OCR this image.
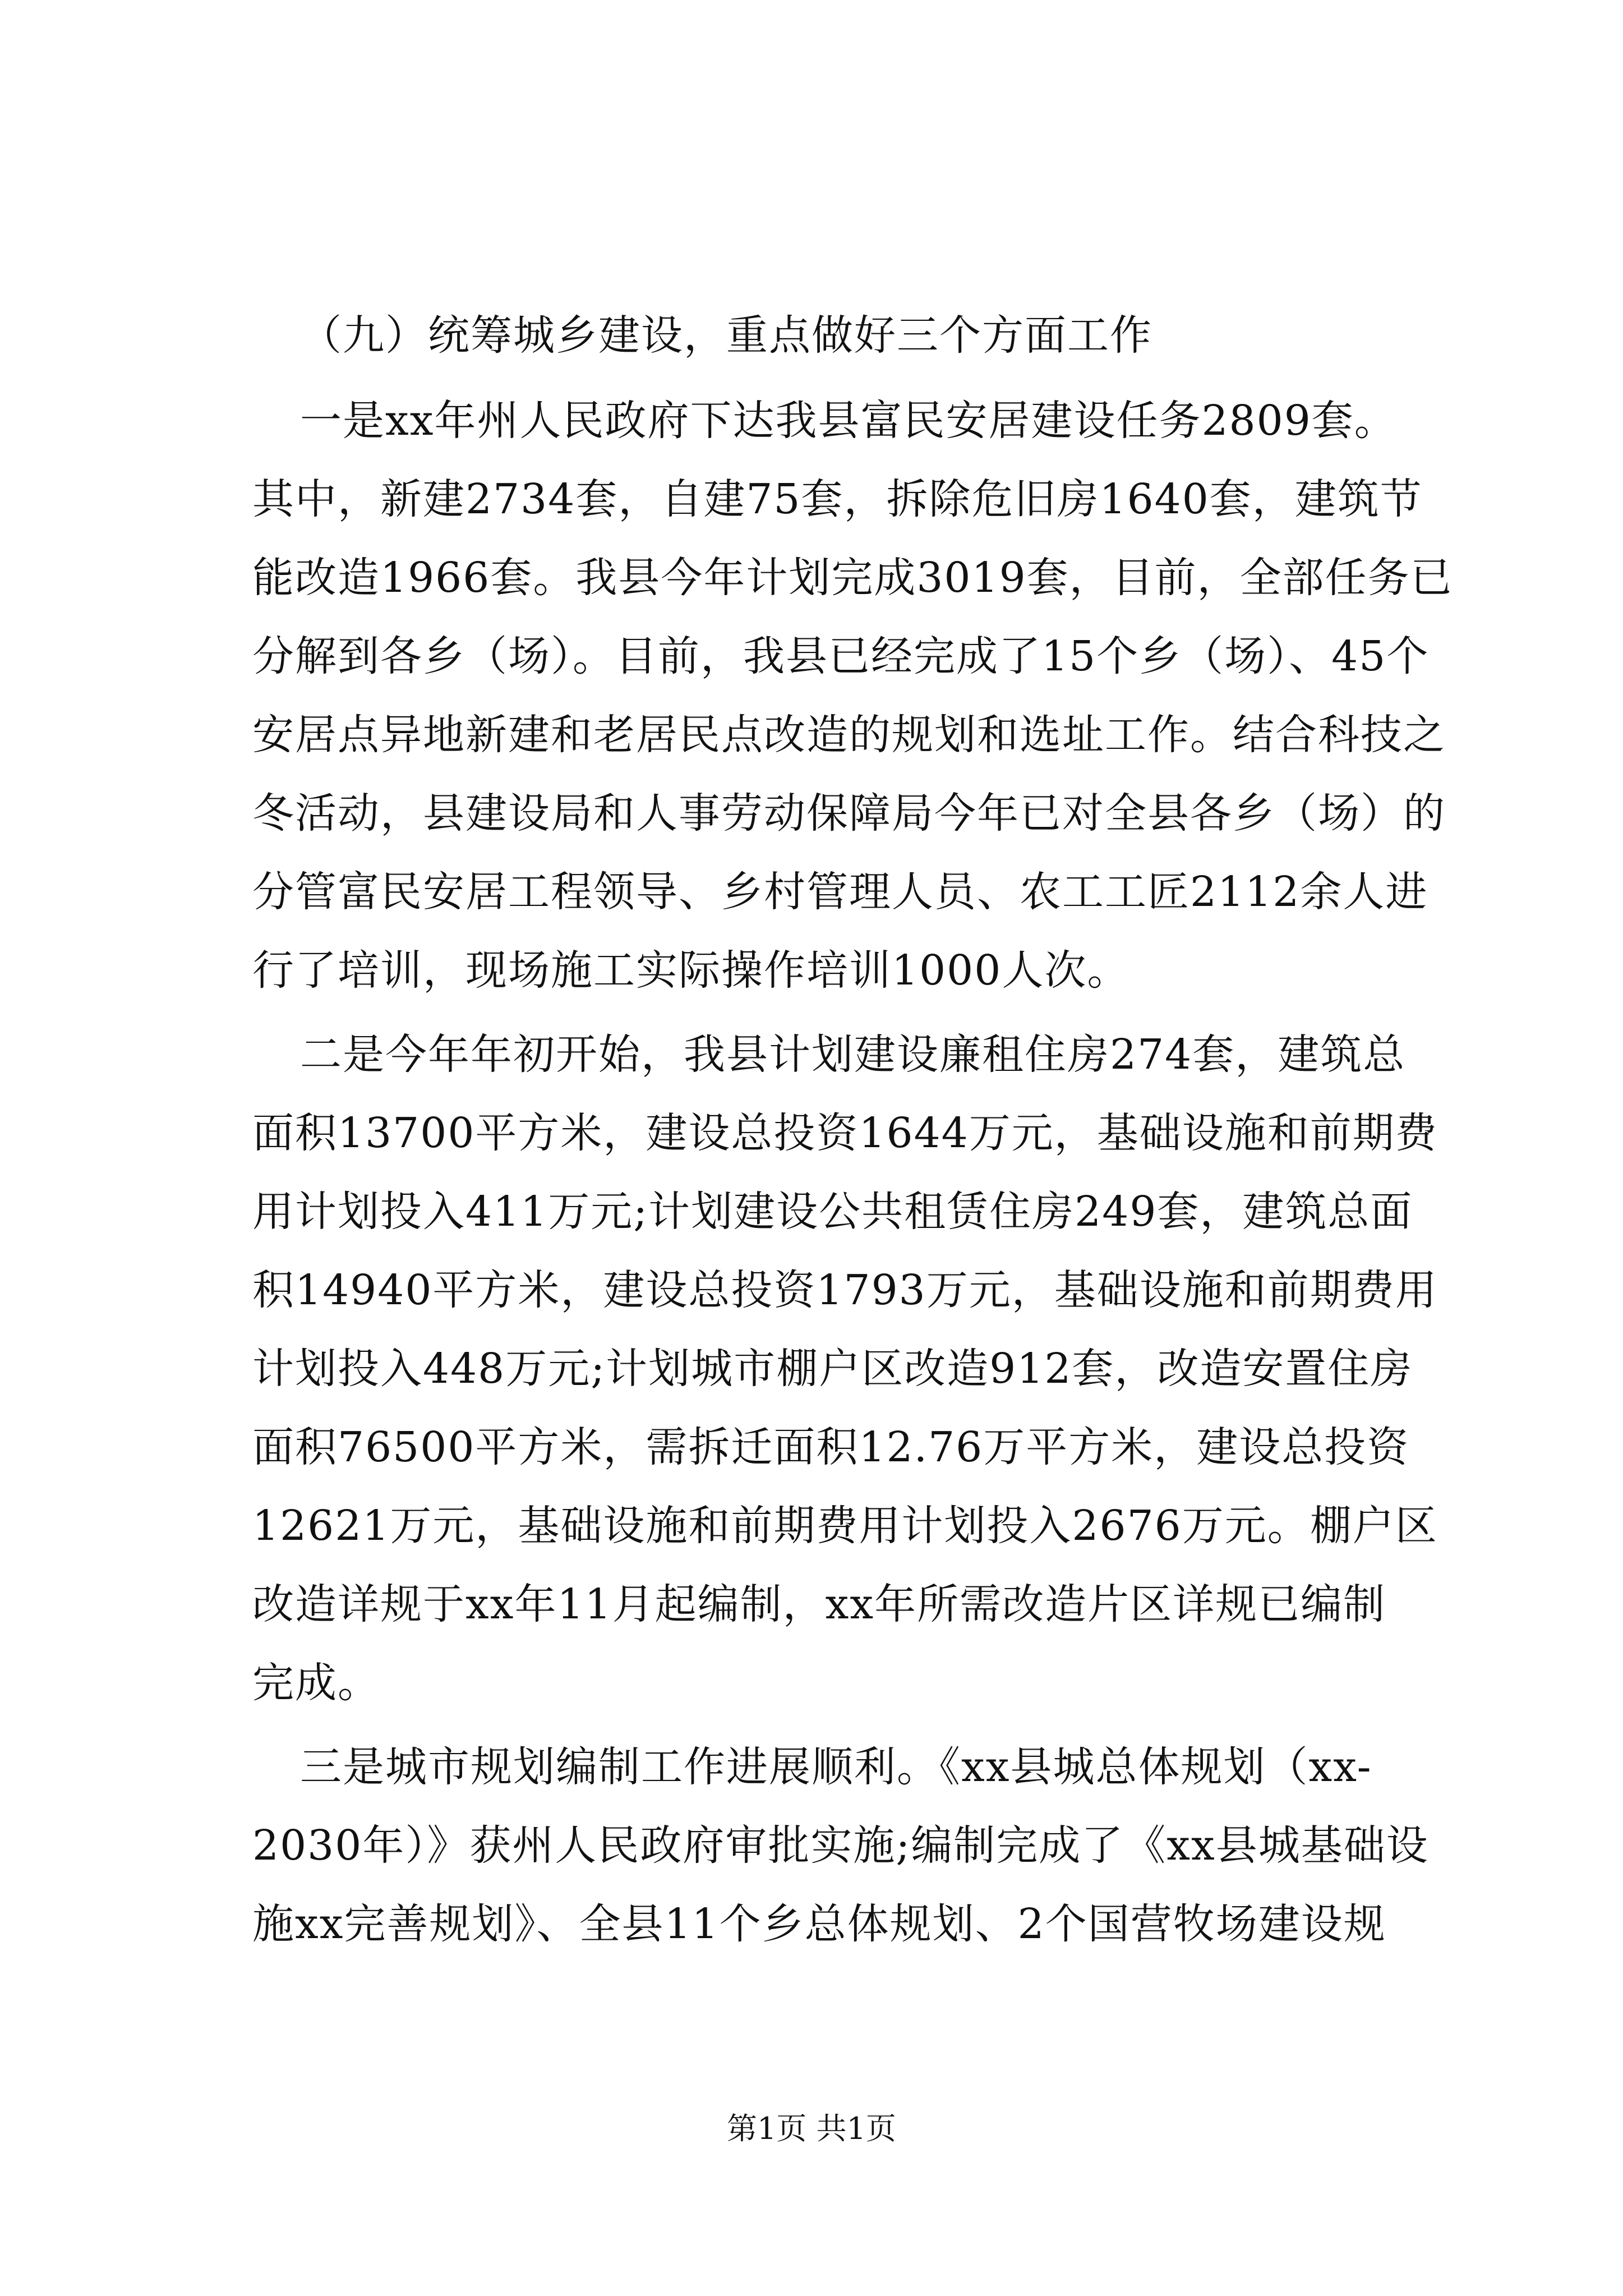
（九）统筹城乡建设，重点做好三个方面工作
一是xx年州人民政府下达我县富民安居建设任务2809套。
其中，新建2734套，自建75套，拆除危旧房1640套，建筑节
能改造1966套。我县今年计划完成3019套，目前，全部任务已
分解到各乡（场）。目前，我县已经完成了15个乡（场）、45个
安居点异地新建和老居民点改造的规划和选址工作。结合科技之
冬活动，县建设局和人事劳动保障局今年已对全县各乡（场）的
分管富民安居工程领导、乡村管理人员、农工工匠2112余人进
行了培训，现场施工实际操作培训1000人次。
二是今年年初开始，我县计划建设廉租住房274套，建筑总
面积13700平方米，建设总投资1644万元，基础设施和前期费
用计划投入411万元;计划建设公共租赁住房249套，建筑总面
积14940平方米，建设总投资1793万元，基础设施和前期费用
计划投入448万元;计划城市棚户区改造912套，改造安置住房
面积76500平方米，需拆迁面积12.76万平方米，建设总投资
12621万元，基础设施和前期费用计划投入2676万元。棚户区
改造详规于xx年11月起编制，xx年所需改造片区详规已编制
完成。
三是城市规划编制工作进展顺利。《xx县城总体规划（xx-
2030年）》获州人民政府审批实施;编制完成了《xx县城基础设
施xx完善规划》、全县11个乡总体规划、2个国营牧场建设规
第1页 共1页
